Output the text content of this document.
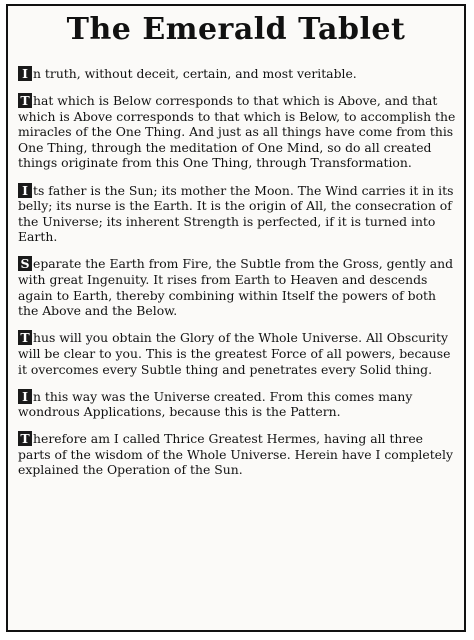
The Emerald Tablet

I n truth, without deceit, certain, and most veritable.

T hat which is Below corresponds to that which is Above, and that which is Above corresponds to that which is Below, to accomplish the miracles of the One Thing. And just as all things have come from this One Thing, through the meditation of One Mind, so do all created things originate from this One Thing, through Transformation.

I ts father is the Sun; its mother the Moon. The Wind carries it in its belly; its nurse is the Earth. It is the origin of All, the consecration of the Universe; its inherent Strength is perfected, if it is turned into Earth.

S eparate the Earth from Fire, the Subtle from the Gross, gently and with great Ingenuity. It rises from Earth to Heaven and descends again to Earth, thereby combining within Itself the powers of both the Above and the Below.

T hus will you obtain the Glory of the Whole Universe. All Obscurity will be clear to you. This is the greatest Force of all powers, because it overcomes every Subtle thing and penetrates every Solid thing.

I n this way was the Universe created. From this comes many wondrous Applications, because this is the Pattern.

T herefore am I called Thrice Greatest Hermes, having all three parts of the wisdom of the Whole Universe. Herein have I completely explained the Operation of the Sun.
